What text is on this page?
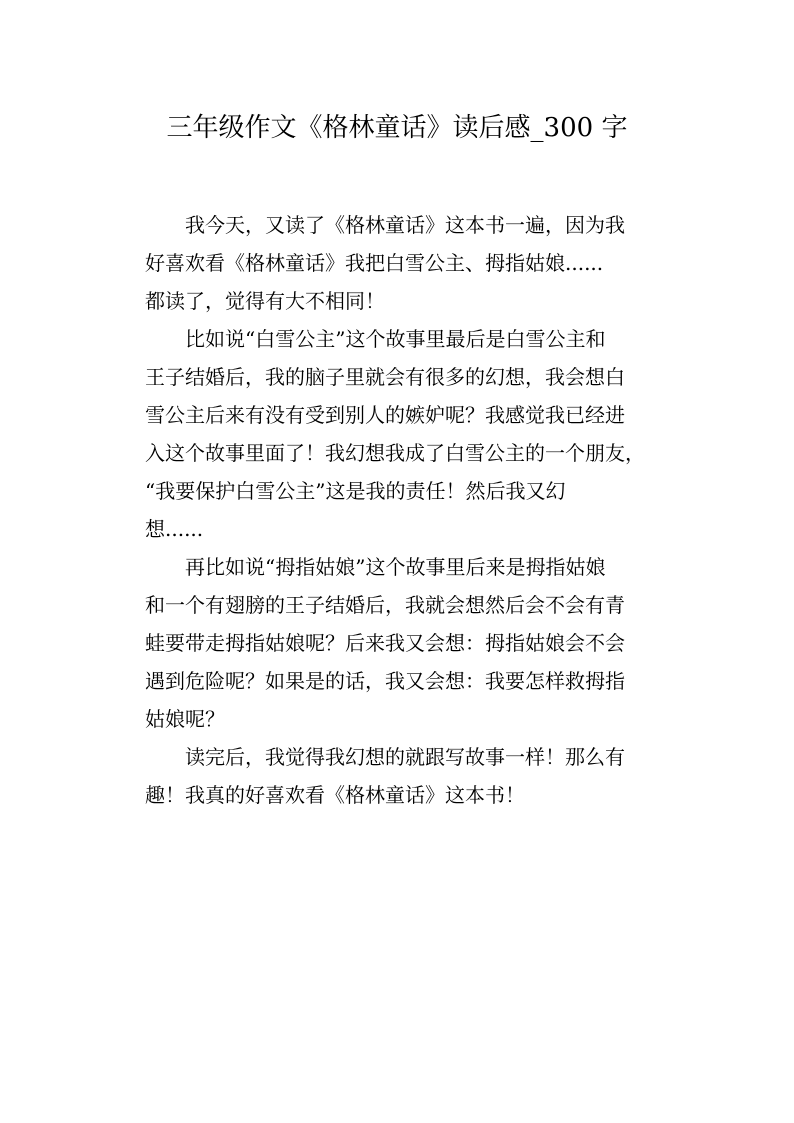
三年级作文《格林童话》读后感_300 字
我今天，又读了《格林童话》这本书一遍，因为我
好喜欢看《格林童话》我把白雪公主、拇指姑娘......
都读了，觉得有大不相同！
比如说“白雪公主”这个故事里最后是白雪公主和
王子结婚后，我的脑子里就会有很多的幻想，我会想白
雪公主后来有没有受到别人的嫉妒呢？我感觉我已经进
入这个故事里面了！我幻想我成了白雪公主的一个朋友，
“我要保护白雪公主”这是我的责任！然后我又幻
想......
再比如说“拇指姑娘”这个故事里后来是拇指姑娘
和一个有翅膀的王子结婚后，我就会想然后会不会有青
蛙要带走拇指姑娘呢？后来我又会想：拇指姑娘会不会
遇到危险呢？如果是的话，我又会想：我要怎样救拇指
姑娘呢？
读完后，我觉得我幻想的就跟写故事一样！那么有
趣！我真的好喜欢看《格林童话》这本书！
